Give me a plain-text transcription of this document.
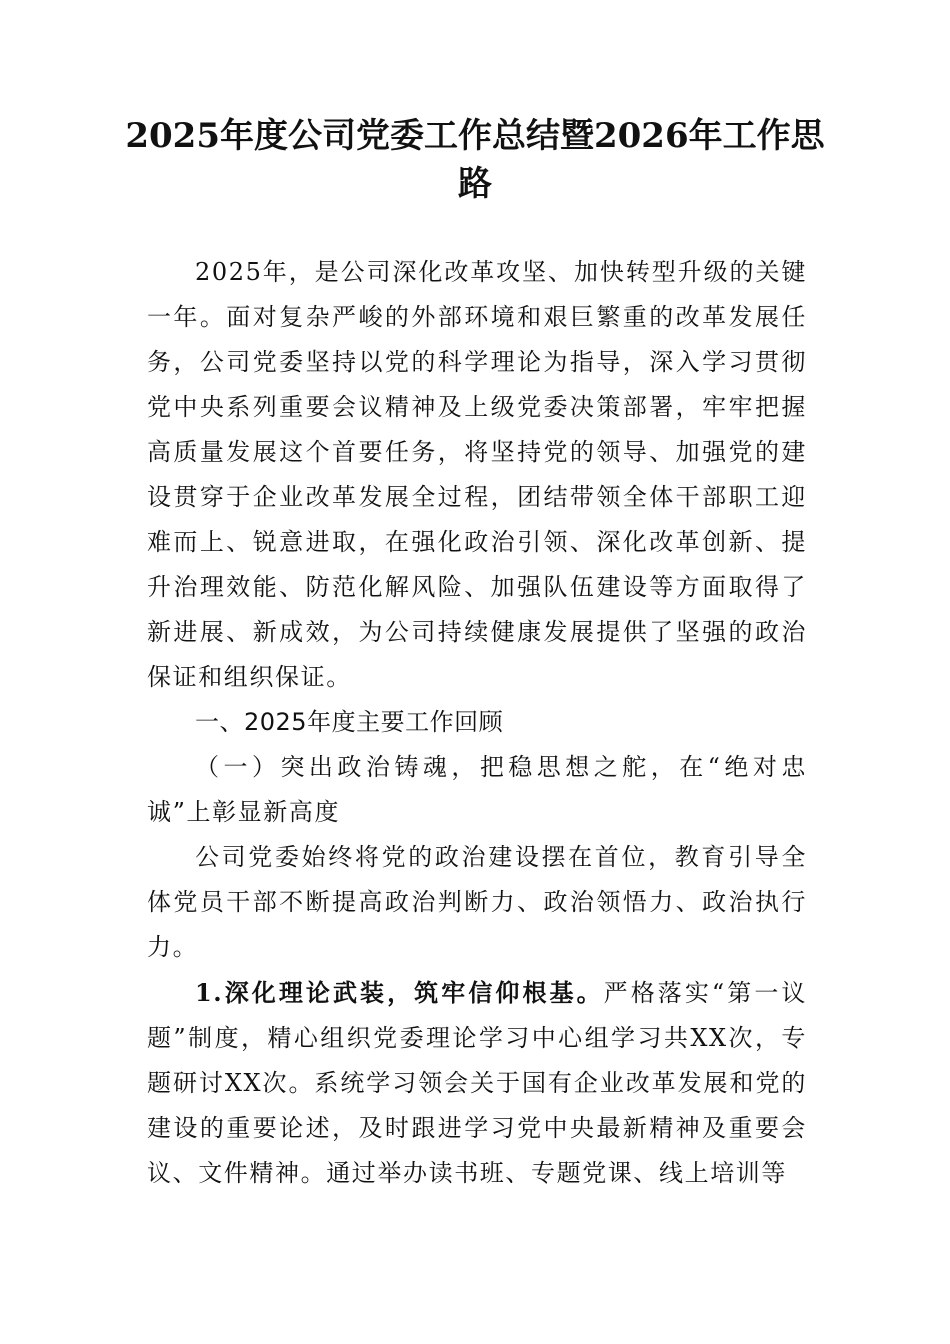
2025年度公司党委工作总结暨2026年工作思路

2025年，是公司深化改革攻坚、加快转型升级的关键一年。面对复杂严峻的外部环境和艰巨繁重的改革发展任务，公司党委坚持以党的科学理论为指导，深入学习贯彻党中央系列重要会议精神及上级党委决策部署，牢牢把握高质量发展这个首要任务，将坚持党的领导、加强党的建设贯穿于企业改革发展全过程，团结带领全体干部职工迎难而上、锐意进取，在强化政治引领、深化改革创新、提升治理效能、防范化解风险、加强队伍建设等方面取得了新进展、新成效，为公司持续健康发展提供了坚强的政治保证和组织保证。

一、2025年度主要工作回顾

（一）突出政治铸魂，把稳思想之舵，在“绝对忠诚”上彰显新高度

公司党委始终将党的政治建设摆在首位，教育引导全体党员干部不断提高政治判断力、政治领悟力、政治执行力。

1.深化理论武装，筑牢信仰根基。严格落实“第一议题”制度，精心组织党委理论学习中心组学习共XX次，专题研讨XX次。系统学习领会关于国有企业改革发展和党的建设的重要论述，及时跟进学习党中央最新精神及重要会议、文件精神。通过举办读书班、专题党课、线上培训等
